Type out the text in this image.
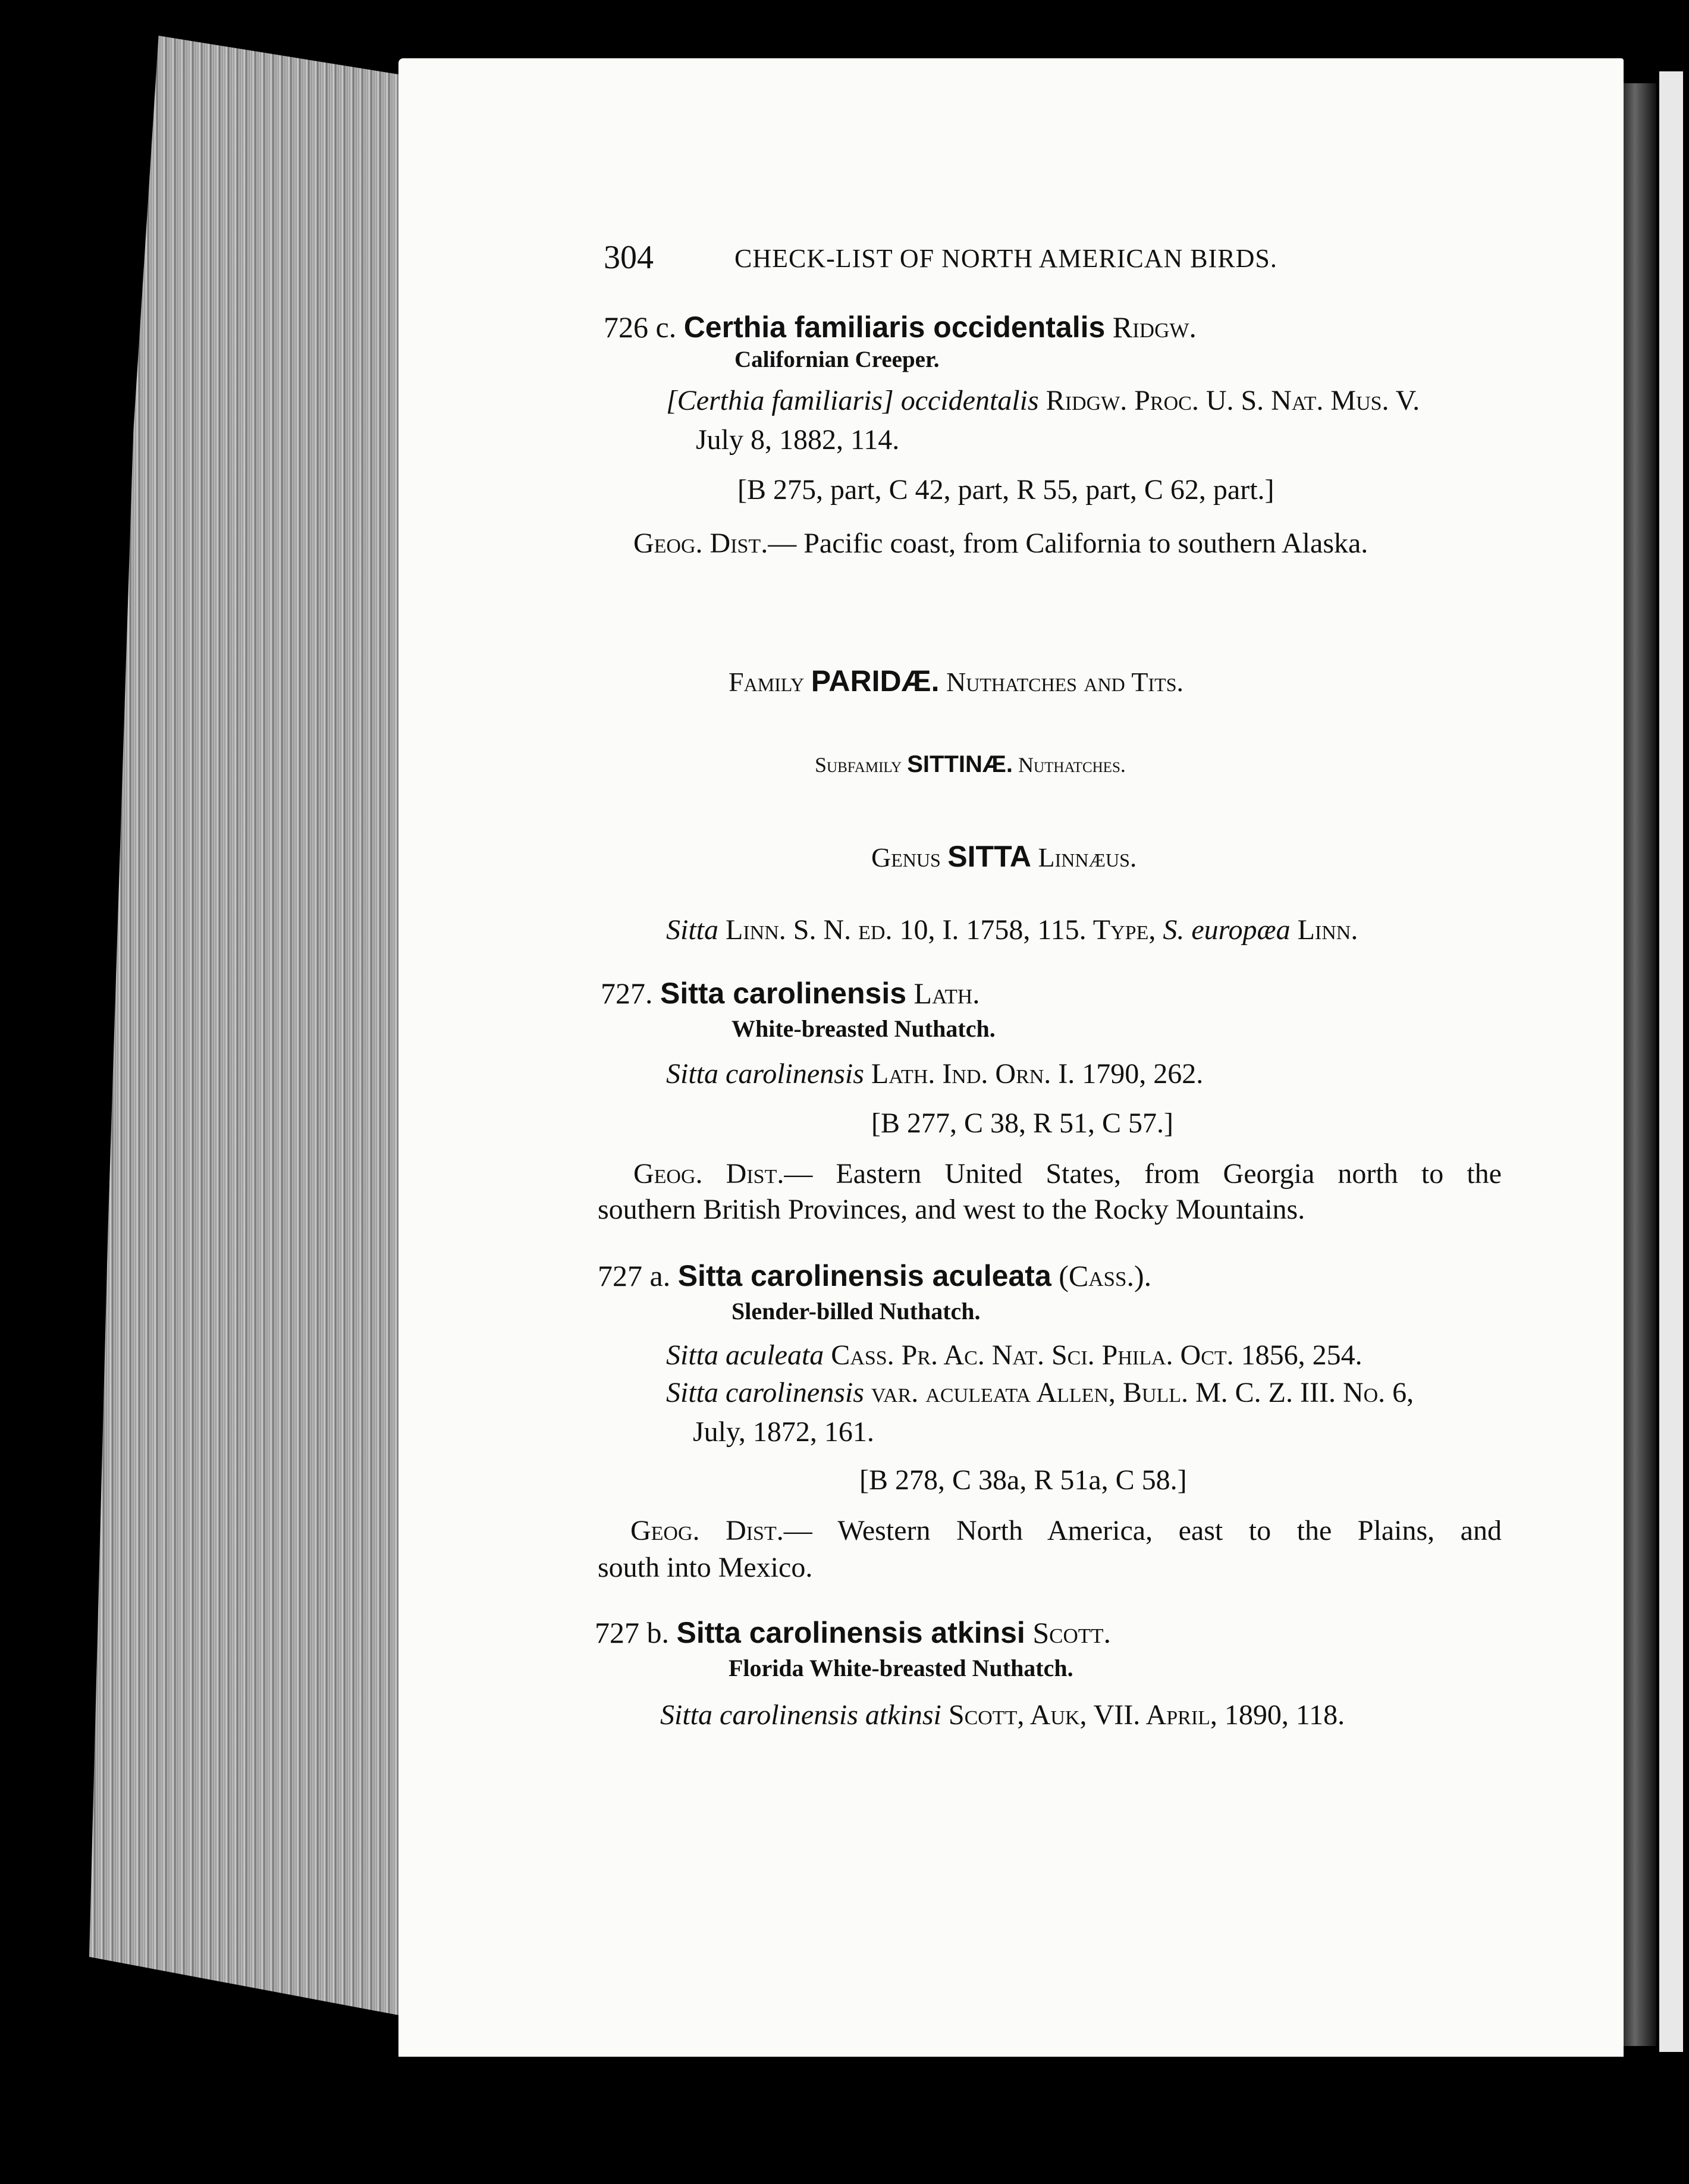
304	CHECK-LIST OF NORTH AMERICAN BIRDS.
726 c. Certhia familiaris occidentalis Ridgw.
Californian Creeper.
[Certhia familiaris] occidentalis Ridgw. Proc. U. S. Nat. Mus. V.
July 8, 1882, 114.
[B 275, part, C 42, part, R 55, part, C 62, part.]
Geog. Dist.— Pacific coast, from California to southern Alaska.
Family PARIDÆ. Nuthatches and Tits.
Subfamily SITTINÆ. Nuthatches.
Genus SITTA Linnæus.
Sitta Linn. S. N. ed. 10, I. 1758, 115. Type, S. europæa Linn.
727. Sitta carolinensis Lath.
White-breasted Nuthatch.
Sitta carolinensis Lath. Ind. Orn. I. 1790, 262.
[B 277, C 38, R 51, C 57.]
Geog. Dist.— Eastern United States, from Georgia north to the
southern British Provinces, and west to the Rocky Mountains.
727 a. Sitta carolinensis aculeata (Cass.).
Slender-billed Nuthatch.
Sitta aculeata Cass. Pr. Ac. Nat. Sci. Phila. Oct. 1856, 254.
Sitta carolinensis var. aculeata Allen, Bull. M. C. Z. III. No. 6,
July, 1872, 161.
[B 278, C 38a, R 51a, C 58.]
Geog. Dist.— Western North America, east to the Plains, and
south into Mexico.
727 b. Sitta carolinensis atkinsi Scott.
Florida White-breasted Nuthatch.
Sitta carolinensis atkinsi Scott, Auk, VII. April, 1890, 118.
